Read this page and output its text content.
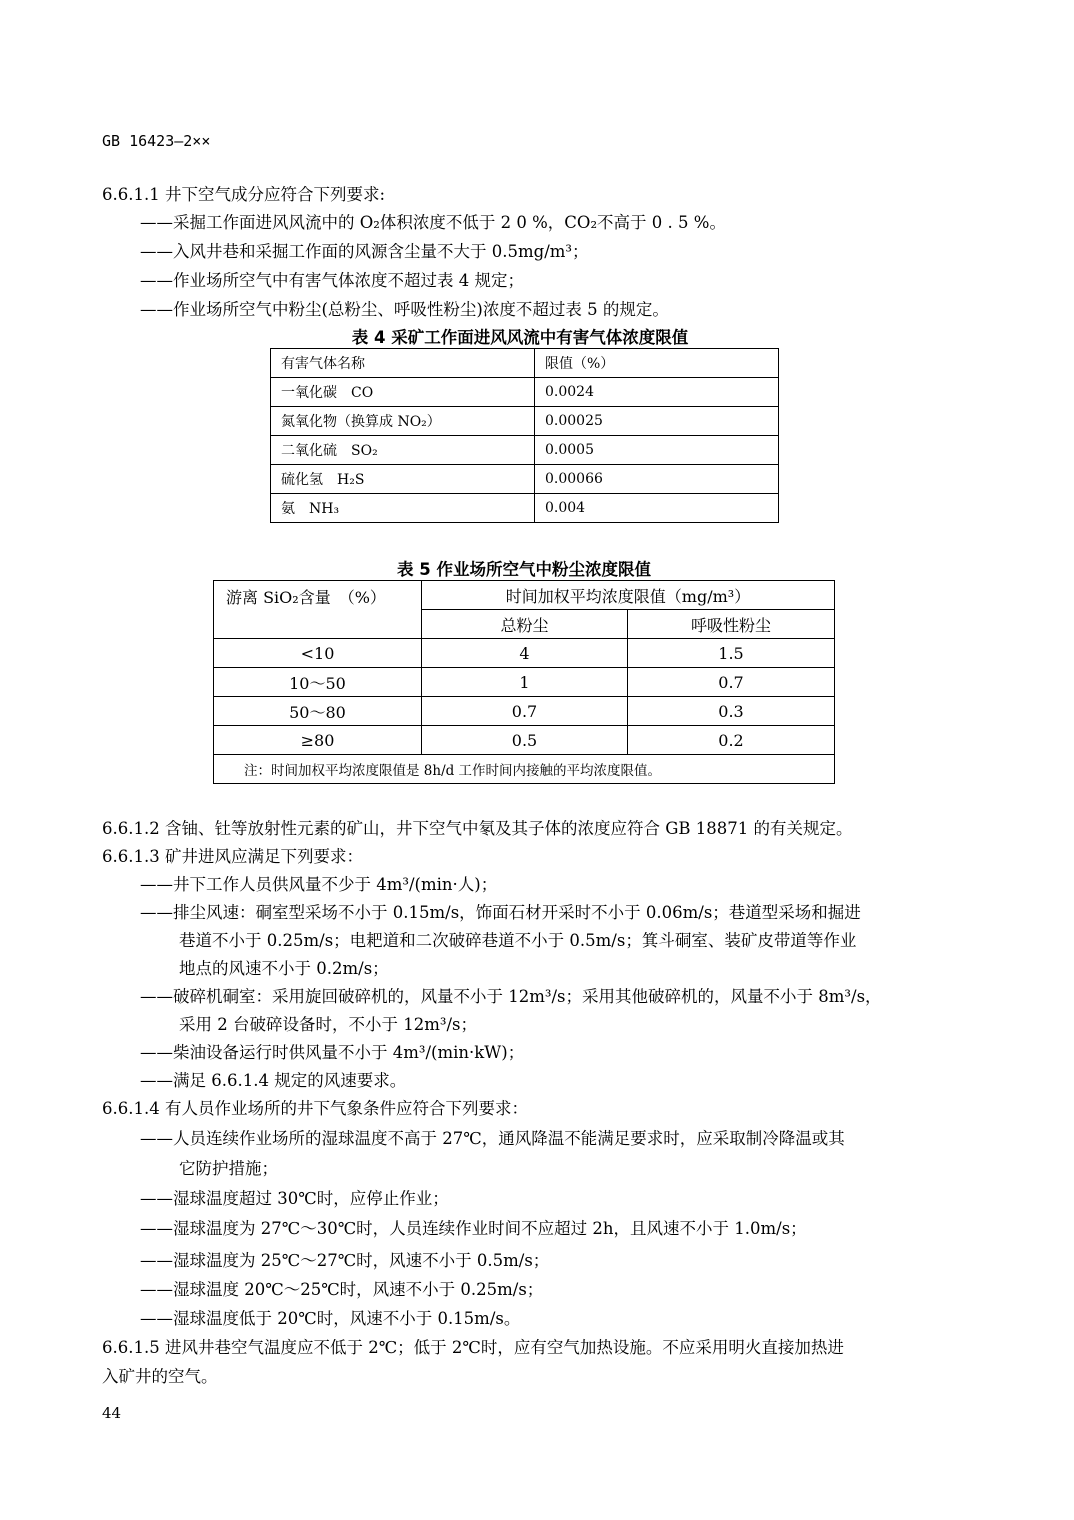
GB 16423—2××
6.6.1.1 井下空气成分应符合下列要求:
——采掘工作面进风风流中的 O₂体积浓度不低于 2 0 %，CO₂不高于 0 . 5 %。
——入风井巷和采掘工作面的风源含尘量不大于 0.5mg/m³；
——作业场所空气中有害气体浓度不超过表 4 规定；
——作业场所空气中粉尘(总粉尘、呼吸性粉尘)浓度不超过表 5 的规定。
表 4 采矿工作面进风风流中有害气体浓度限值
有害气体名称	限值（%）
一氧化碳　CO	0.0024
氮氧化物（换算成 NO₂）	0.00025
二氧化硫　SO₂	0.0005
硫化氢　H₂S	0.00066
氨　NH₃	0.004
表 5 作业场所空气中粉尘浓度限值
游离 SiO₂含量　（%）	时间加权平均浓度限值（mg/m³）	
	总粉尘	呼吸性粉尘
<10	4	1.5
10～50	1	0.7
50～80	0.7	0.3
≥80	0.5	0.2
注：时间加权平均浓度限值是 8h/d 工作时间内接触的平均浓度限值。		
6.6.1.2 含铀、钍等放射性元素的矿山，井下空气中氡及其子体的浓度应符合 GB 18871 的有关规定。
6.6.1.3 矿井进风应满足下列要求：
——井下工作人员供风量不少于 4m³/(min·人)；
——排尘风速：硐室型采场不小于 0.15m/s，饰面石材开采时不小于 0.06m/s；巷道型采场和掘进
巷道不小于 0.25m/s；电耙道和二次破碎巷道不小于 0.5m/s；箕斗硐室、装矿皮带道等作业
地点的风速不小于 0.2m/s；
——破碎机硐室：采用旋回破碎机的，风量不小于 12m³/s；采用其他破碎机的，风量不小于 8m³/s，
采用 2 台破碎设备时，不小于 12m³/s；
——柴油设备运行时供风量不小于 4m³/(min·kW)；
——满足 6.6.1.4 规定的风速要求。
6.6.1.4 有人员作业场所的井下气象条件应符合下列要求：
——人员连续作业场所的湿球温度不高于 27℃，通风降温不能满足要求时，应采取制冷降温或其
它防护措施；
——湿球温度超过 30℃时，应停止作业；
——湿球温度为 27℃～30℃时，人员连续作业时间不应超过 2h，且风速不小于 1.0m/s；
——湿球温度为 25℃～27℃时，风速不小于 0.5m/s；
——湿球温度 20℃～25℃时，风速不小于 0.25m/s；
——湿球温度低于 20℃时，风速不小于 0.15m/s。
6.6.1.5 进风井巷空气温度应不低于 2℃；低于 2℃时，应有空气加热设施。不应采用明火直接加热进
入矿井的空气。
44
